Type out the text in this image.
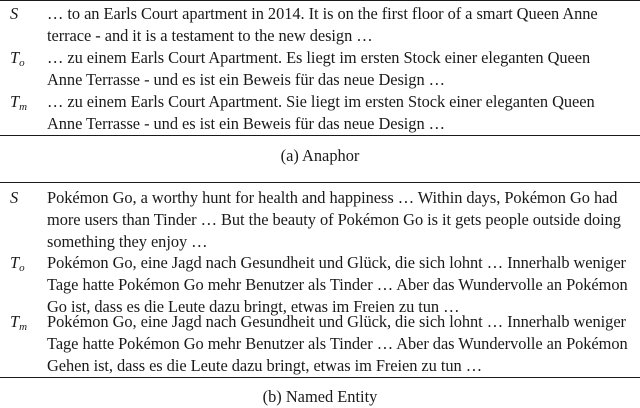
S … to an Earls Court apartment in 2014. It is on the first floor of a smart Queen Anne
terrace - and it is a testament to the new design …
$T_o$ … zu einem Earls Court Apartment. Es liegt im ersten Stock einer eleganten Queen
Anne Terrasse - und es ist ein Beweis für das neue Design …
$T_m$ … zu einem Earls Court Apartment. Sie liegt im ersten Stock einer eleganten Queen
Anne Terrasse - und es ist ein Beweis für das neue Design …
(a) Anaphor
S Pokémon Go, a worthy hunt for health and happiness … Within days, Pokémon Go had
more users than Tinder … But the beauty of Pokémon Go is it gets people outside doing
something they enjoy …
$T_o$ Pokémon Go, eine Jagd nach Gesundheit und Glück, die sich lohnt … Innerhalb weniger
Tage hatte Pokémon Go mehr Benutzer als Tinder … Aber das Wundervolle an Pokémon
Go ist, dass es die Leute dazu bringt, etwas im Freien zu tun …
$T_m$ Pokémon Go, eine Jagd nach Gesundheit und Glück, die sich lohnt … Innerhalb weniger
Tage hatte Pokémon Go mehr Benutzer als Tinder … Aber das Wundervolle an Pokémon
Gehen ist, dass es die Leute dazu bringt, etwas im Freien zu tun …
(b) Named Entity
